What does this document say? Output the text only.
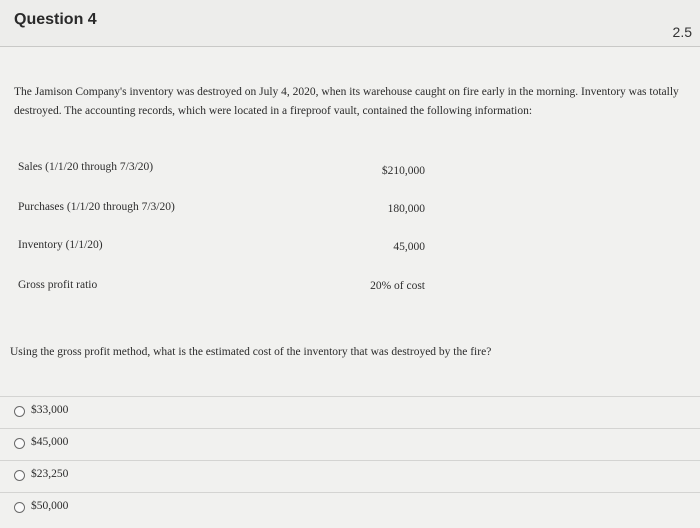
Question 4
2.5
The Jamison Company's inventory was destroyed on July 4, 2020, when its warehouse caught on fire early in the morning. Inventory was totally destroyed. The accounting records, which were located in a fireproof vault, contained the following information:
Sales (1/1/20 through 7/3/20)	$210,000
Purchases (1/1/20 through 7/3/20)	180,000
Inventory (1/1/20)	45,000
Gross profit ratio	20% of cost
Using the gross profit method, what is the estimated cost of the inventory that was destroyed by the fire?
$33,000
$45,000
$23,250
$50,000
